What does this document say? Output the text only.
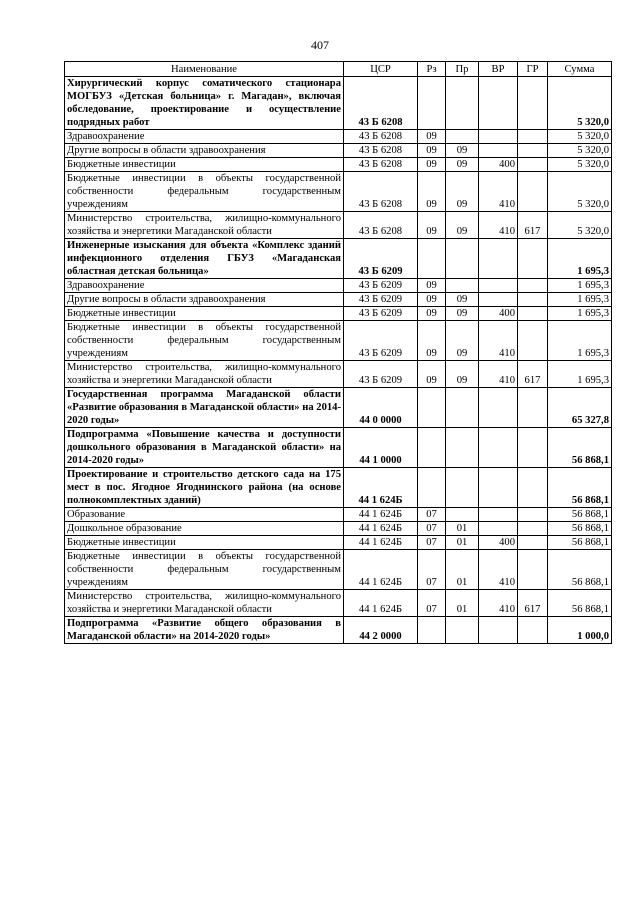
407
Наименование	ЦСР	Рз	Пр	ВР	ГР	Сумма
Хирургический корпус соматического стационара МОГБУЗ «Детская больница» г. Магадан», включая обследование, проектирование и осуществление подрядных работ	43 Б 6208					5 320,0
Здравоохранение	43 Б 6208	09				5 320,0
Другие вопросы в области здравоохранения	43 Б 6208	09	09			5 320,0
Бюджетные инвестиции	43 Б 6208	09	09	400		5 320,0
Бюджетные инвестиции в объекты государственной собственности федеральным государственным учреждениям	43 Б 6208	09	09	410		5 320,0
Министерство строительства, жилищно-коммунального хозяйства и энергетики Магаданской области	43 Б 6208	09	09	410	617	5 320,0
Инженерные изыскания для объекта «Комплекс зданий инфекционного отделения ГБУЗ «Магаданская областная детская больница»	43 Б 6209					1 695,3
Здравоохранение	43 Б 6209	09				1 695,3
Другие вопросы в области здравоохранения	43 Б 6209	09	09			1 695,3
Бюджетные инвестиции	43 Б 6209	09	09	400		1 695,3
Бюджетные инвестиции в объекты государственной собственности федеральным государственным учреждениям	43 Б 6209	09	09	410		1 695,3
Министерство строительства, жилищно-коммунального хозяйства и энергетики Магаданской области	43 Б 6209	09	09	410	617	1 695,3
Государственная программа Магаданской области «Развитие образования в Магаданской области» на 2014-2020 годы»	44 0 0000					65 327,8
Подпрограмма «Повышение качества и доступности дошкольного образования в Магаданской области» на 2014-2020 годы»	44 1 0000					56 868,1
Проектирование и строительство детского сада на 175 мест в пос. Ягодное Ягоднинского района (на основе полнокомплектных зданий)	44 1 624Б					56 868,1
Образование	44 1 624Б	07				56 868,1
Дошкольное образование	44 1 624Б	07	01			56 868,1
Бюджетные инвестиции	44 1 624Б	07	01	400		56 868,1
Бюджетные инвестиции в объекты государственной собственности федеральным государственным учреждениям	44 1 624Б	07	01	410		56 868,1
Министерство строительства, жилищно-коммунального хозяйства и энергетики Магаданской области	44 1 624Б	07	01	410	617	56 868,1
Подпрограмма «Развитие общего образования в Магаданской области» на 2014-2020 годы»	44 2 0000					1 000,0
